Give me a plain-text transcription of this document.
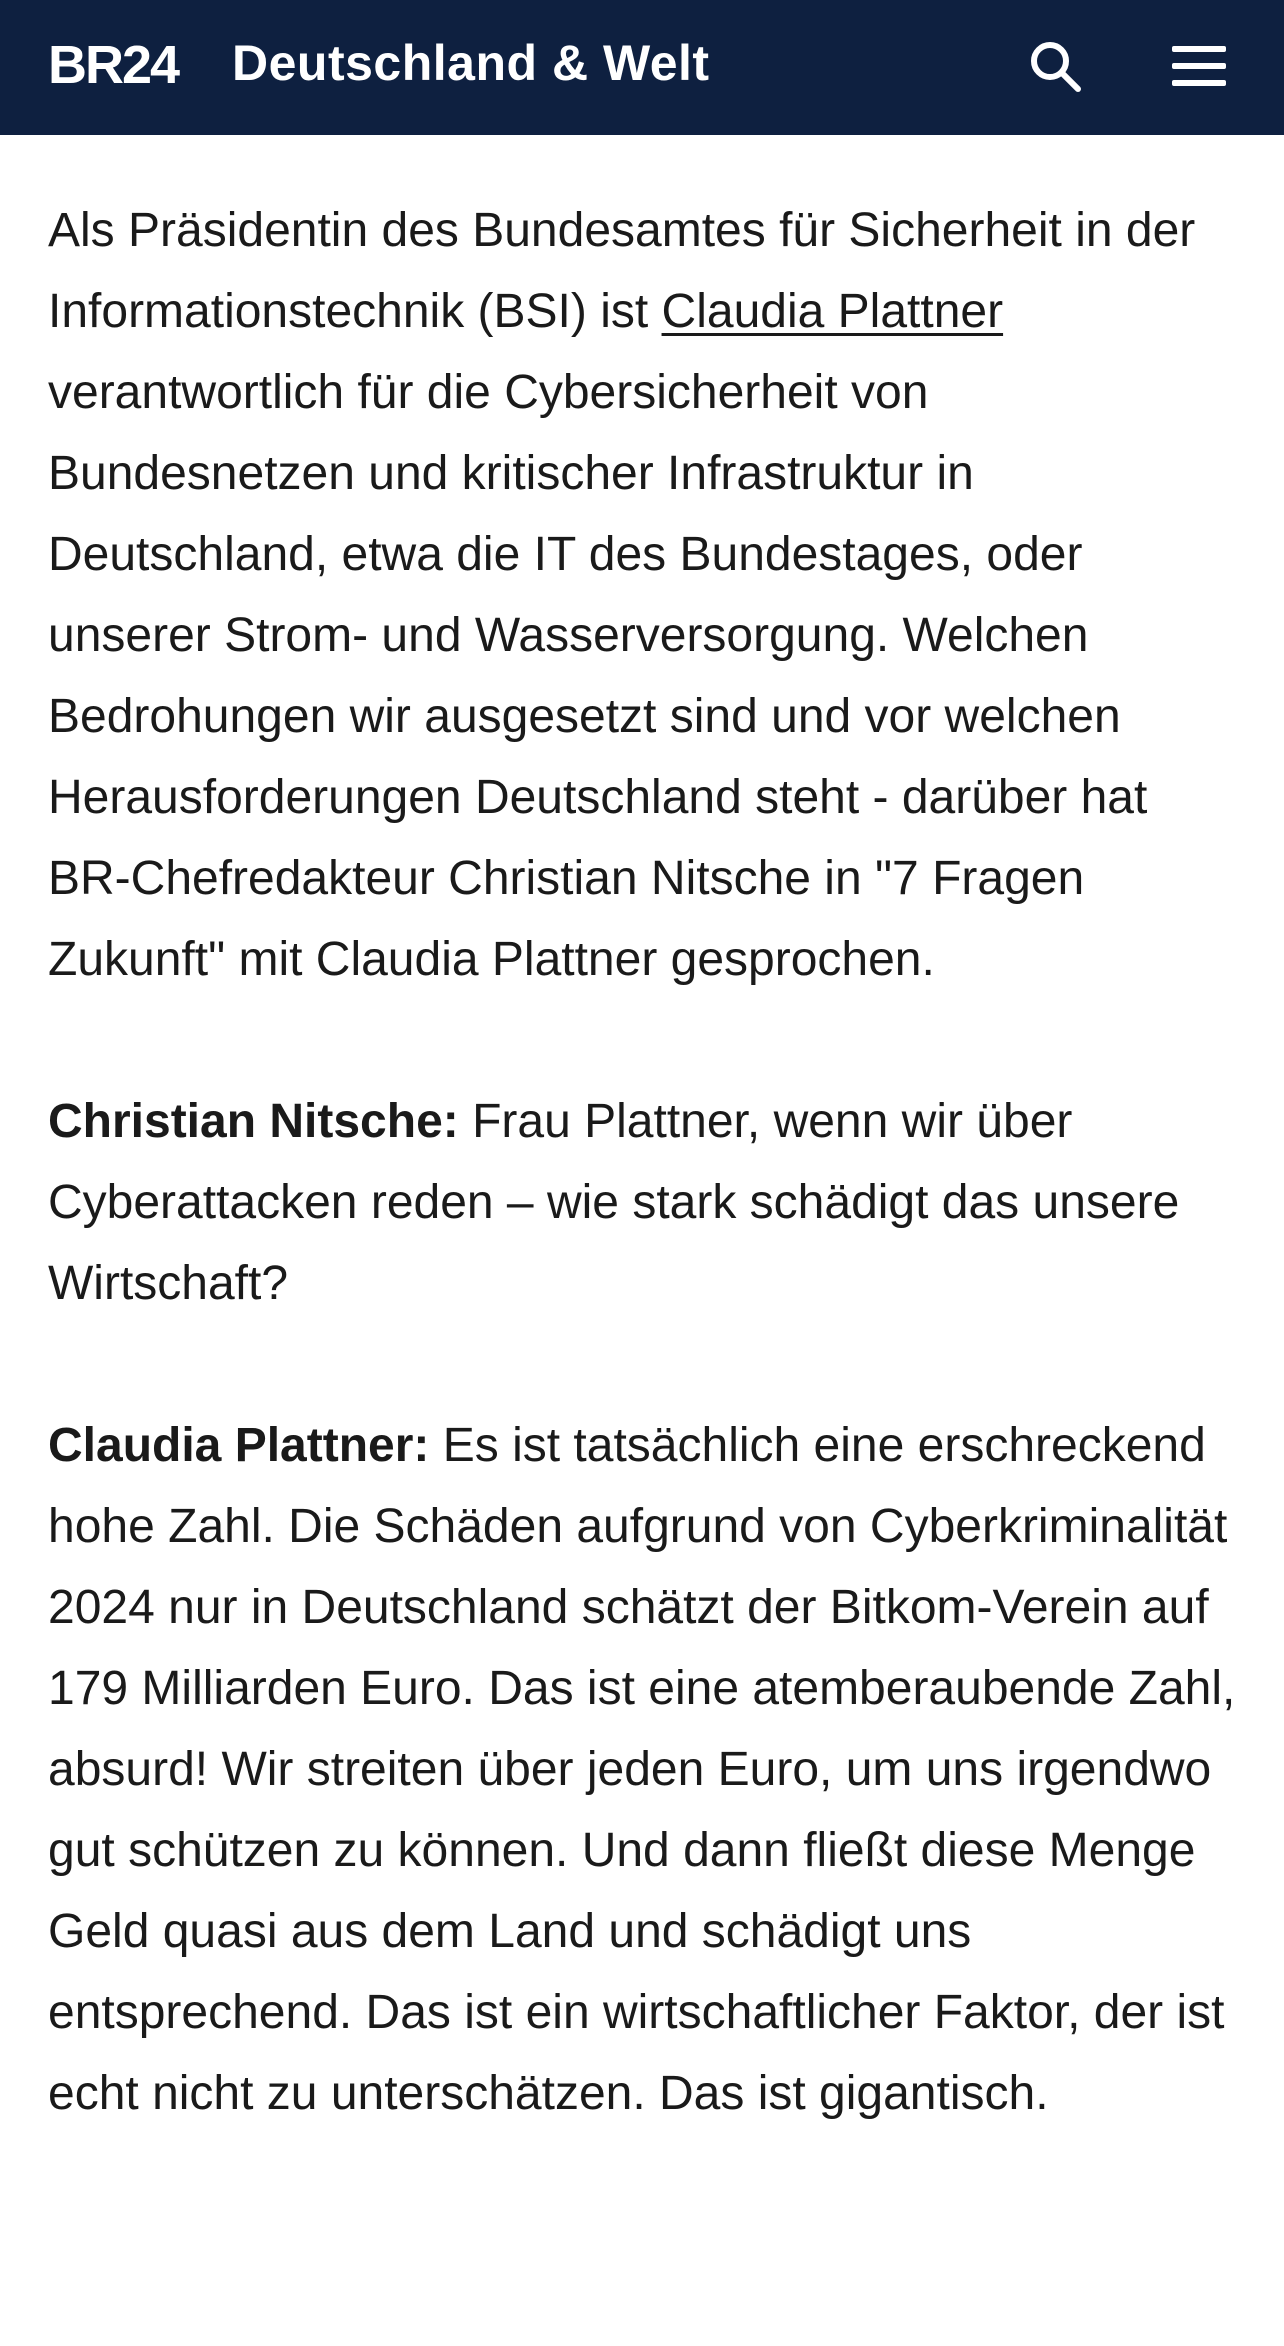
BR24 Deutschland & Welt

Als Präsidentin des Bundesamtes für Sicherheit in der Informationstechnik (BSI) ist Claudia Plattner verantwortlich für die Cybersicherheit von Bundesnetzen und kritischer Infrastruktur in Deutschland, etwa die IT des Bundestages, oder unserer Strom- und Wasserversorgung. Welchen Bedrohungen wir ausgesetzt sind und vor welchen Herausforderungen Deutschland steht - darüber hat BR-Chefredakteur Christian Nitsche in "7 Fragen Zukunft" mit Claudia Plattner gesprochen.

Christian Nitsche: Frau Plattner, wenn wir über Cyberattacken reden – wie stark schädigt das unsere Wirtschaft?

Claudia Plattner: Es ist tatsächlich eine erschreckend hohe Zahl. Die Schäden aufgrund von Cyberkriminalität 2024 nur in Deutschland schätzt der Bitkom-Verein auf 179 Milliarden Euro. Das ist eine atemberaubende Zahl, absurd! Wir streiten über jeden Euro, um uns irgendwo gut schützen zu können. Und dann fließt diese Menge Geld quasi aus dem Land und schädigt uns entsprechend. Das ist ein wirtschaftlicher Faktor, der ist echt nicht zu unterschätzen. Das ist gigantisch.
